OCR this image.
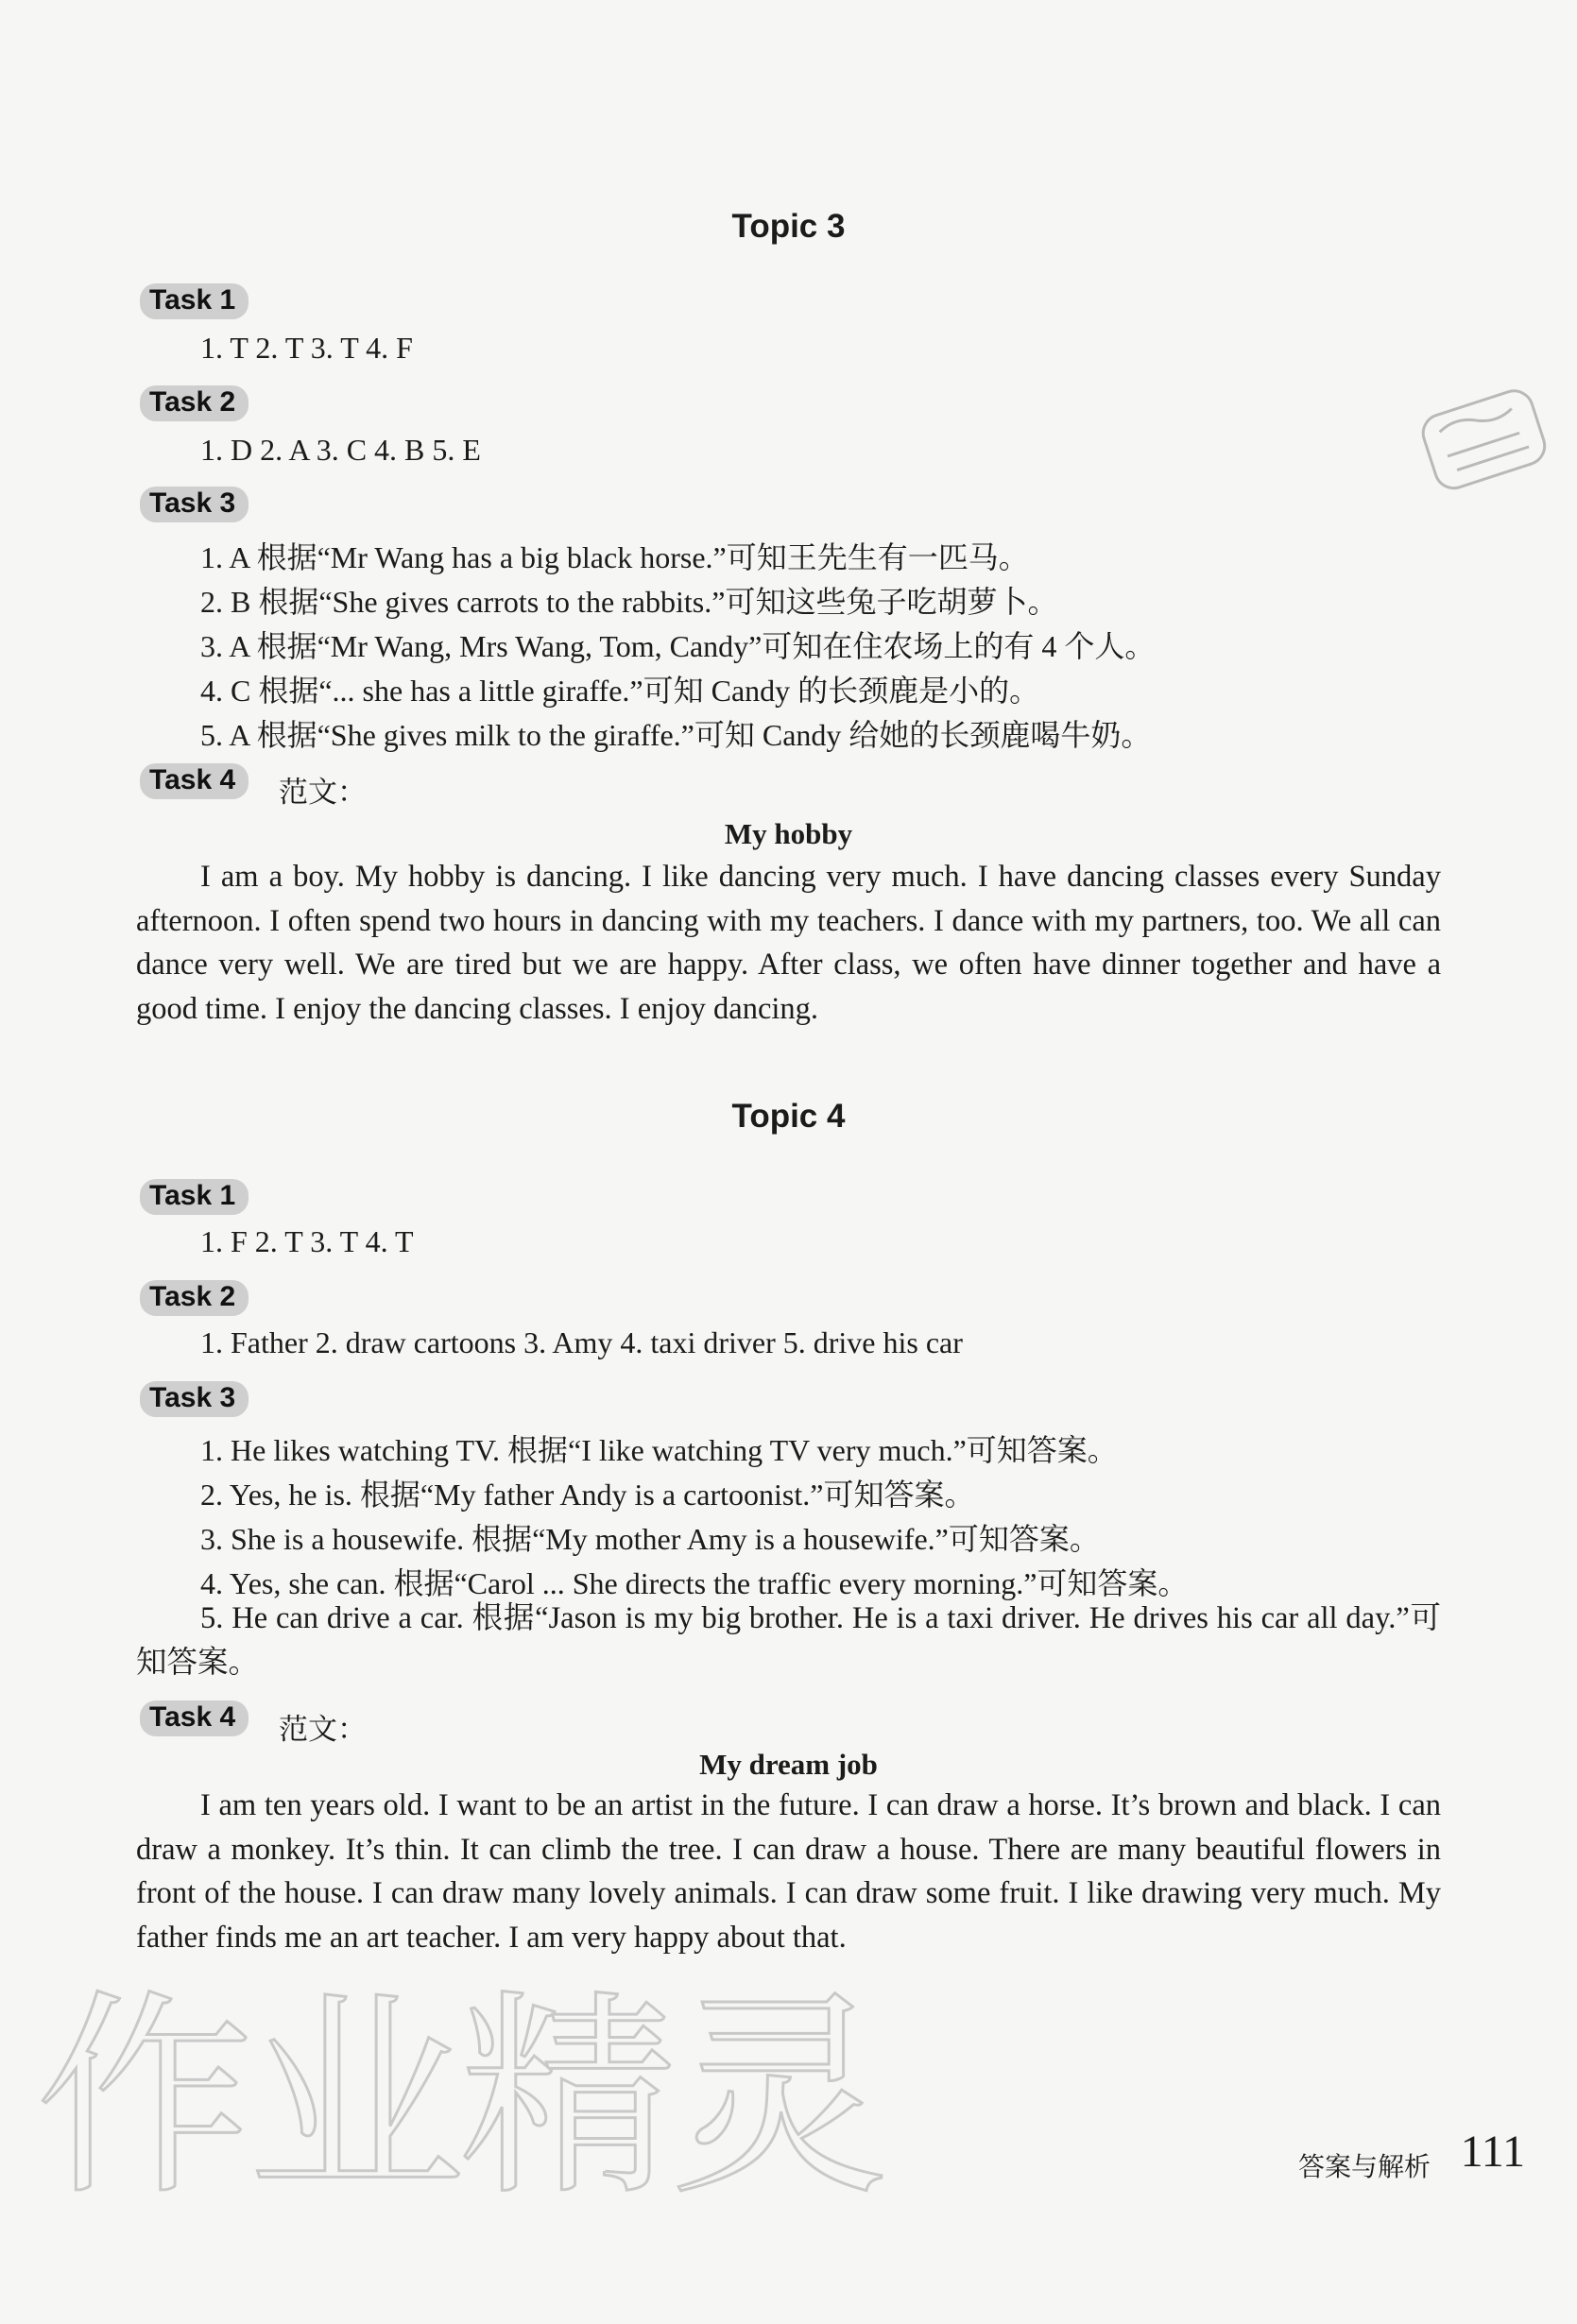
作业精灵
Topic 3
Task 1
1. T 2. T 3. T 4. F
Task 2
1. D 2. A 3. C 4. B 5. E
Task 3
1. A 根据“Mr Wang has a big black horse.”可知王先生有一匹马。
2. B 根据“She gives carrots to the rabbits.”可知这些兔子吃胡萝卜。
3. A 根据“Mr Wang, Mrs Wang, Tom, Candy”可知在住农场上的有 4 个人。
4. C 根据“... she has a little giraffe.”可知 Candy 的长颈鹿是小的。
5. A 根据“She gives milk to the giraffe.”可知 Candy 给她的长颈鹿喝牛奶。
Task 4	范文：
My hobby

I am a boy. My hobby is dancing. I like dancing very much. I have dancing classes every Sunday afternoon. I often spend two hours in dancing with my teachers. I dance with my partners, too. We all can dance very well. We are tired but we are happy. After class, we often have dinner together and have a good time. I enjoy the dancing classes. I enjoy dancing.

Topic 4
Task 1
1. F 2. T 3. T 4. T
Task 2
1. Father 2. draw cartoons 3. Amy 4. taxi driver 5. drive his car
Task 3
1. He likes watching TV. 根据“I like watching TV very much.”可知答案。
2. Yes, he is. 根据“My father Andy is a cartoonist.”可知答案。
3. She is a housewife. 根据“My mother Amy is a housewife.”可知答案。
4. Yes, she can. 根据“Carol ... She directs the traffic every morning.”可知答案。

5. He can drive a car. 根据“Jason is my big brother. He is a taxi driver. He drives his car all day.”可知答案。

Task 4	范文：
My dream job

I am ten years old. I want to be an artist in the future. I can draw a horse. It’s brown and black. I can draw a monkey. It’s thin. It can climb the tree. I can draw a house. There are many beautiful flowers in front of the house. I can draw many lovely animals. I can draw some fruit. I like drawing very much. My father finds me an art teacher. I am very happy about that.

答案与解析 111
